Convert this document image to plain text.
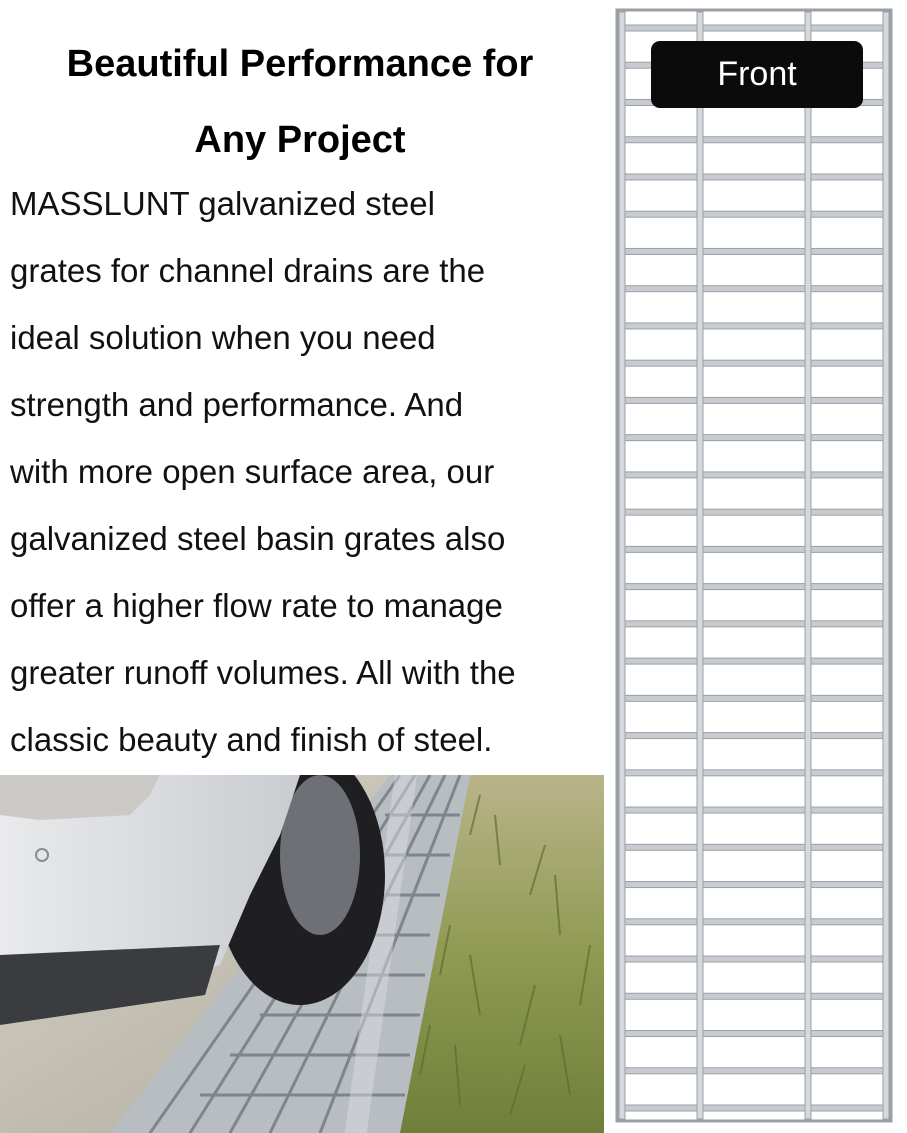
Beautiful Performance for
Any Project
MASSLUNT galvanized steel
grates for channel drains are the
ideal solution when you need
strength and performance. And
with more open surface area, our
galvanized steel basin grates also
offer a higher flow rate to manage
greater runoff volumes. All with the
classic beauty and finish of steel.
Front
